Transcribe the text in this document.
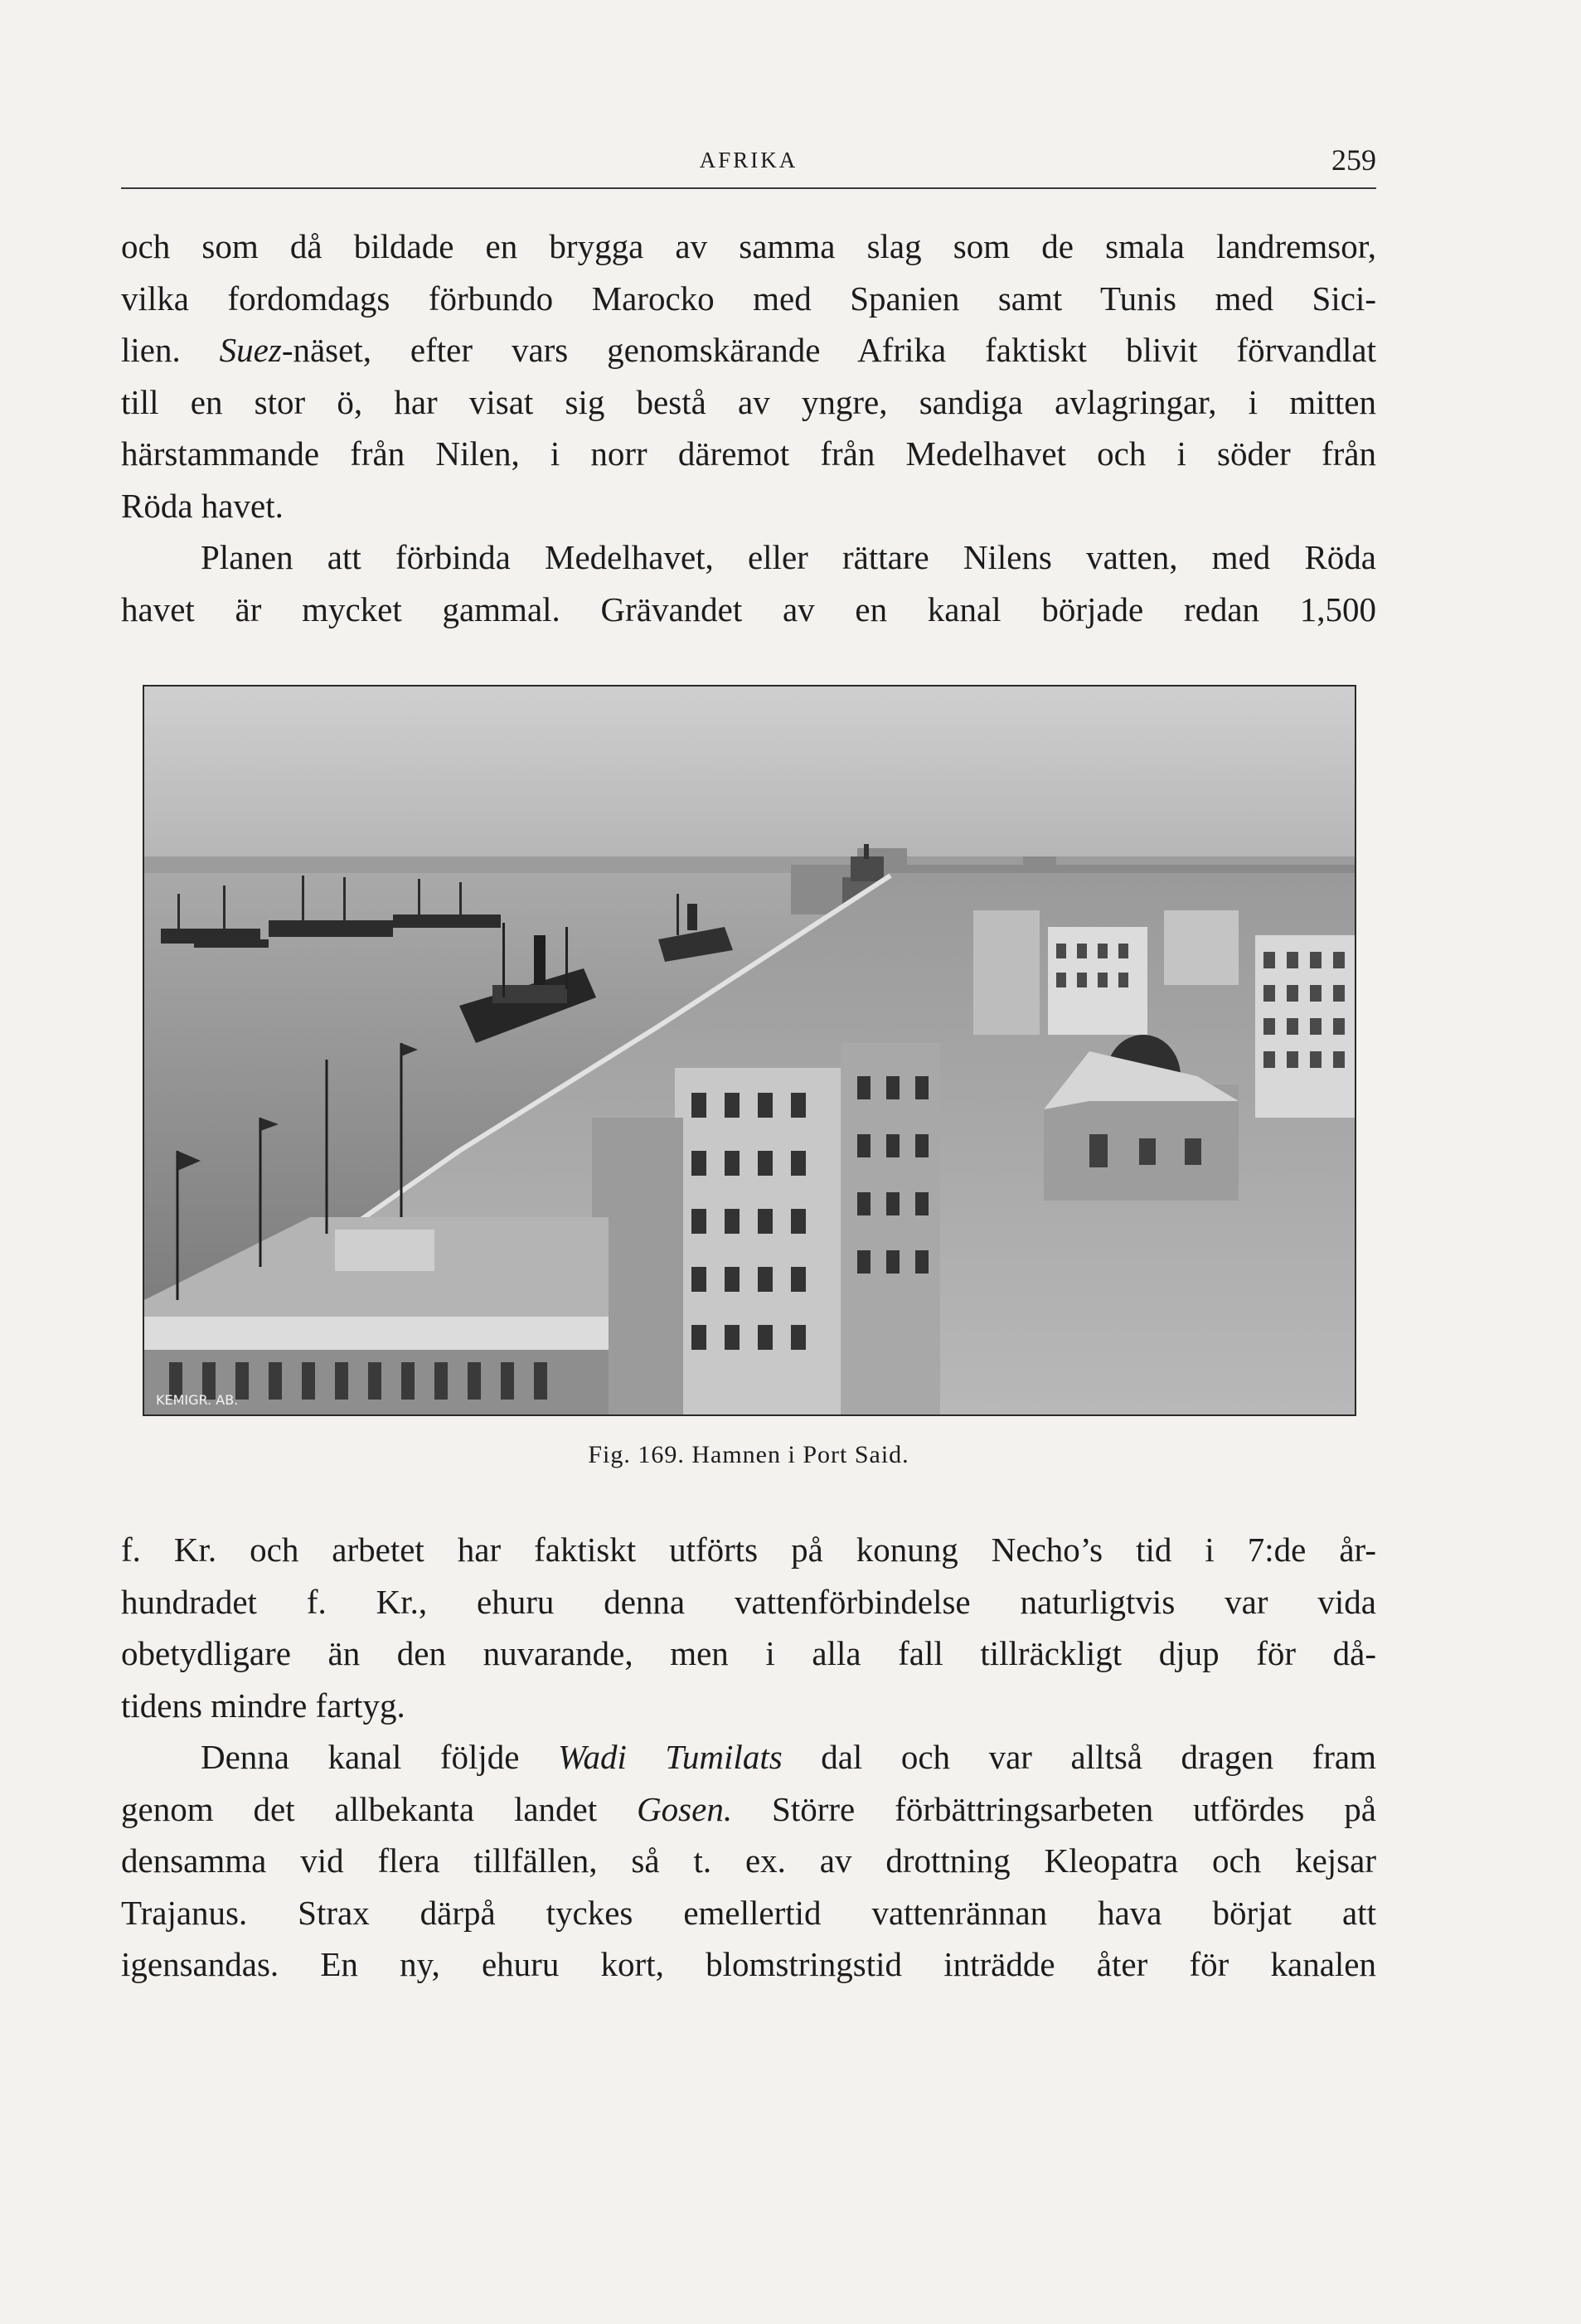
AFRIKA	259
och som då bildade en brygga av samma slag som de smala landremsor,
vilka fordomdags förbundo Marocko med Spanien samt Tunis med Sici-
lien. Suez-näset, efter vars genomskärande Afrika faktiskt blivit förvandlat
till en stor ö, har visat sig bestå av yngre, sandiga avlagringar, i mitten
härstammande från Nilen, i norr däremot från Medelhavet och i söder från
Röda havet.
Planen att förbinda Medelhavet, eller rättare Nilens vatten, med Röda
havet är mycket gammal. Grävandet av en kanal började redan 1,500
KEMIGR. AB.
Fig. 169. Hamnen i Port Said.
f. Kr. och arbetet har faktiskt utförts på konung Necho’s tid i 7:de år-
hundradet f. Kr., ehuru denna vattenförbindelse naturligtvis var vida
obetydligare än den nuvarande, men i alla fall tillräckligt djup för då-
tidens mindre fartyg.
Denna kanal följde Wadi Tumilats dal och var alltså dragen fram
genom det allbekanta landet Gosen. Större förbättringsarbeten utfördes på
densamma vid flera tillfällen, så t. ex. av drottning Kleopatra och kejsar
Trajanus. Strax därpå tyckes emellertid vattenrännan hava börjat att
igensandas. En ny, ehuru kort, blomstringstid inträdde åter för kanalen
